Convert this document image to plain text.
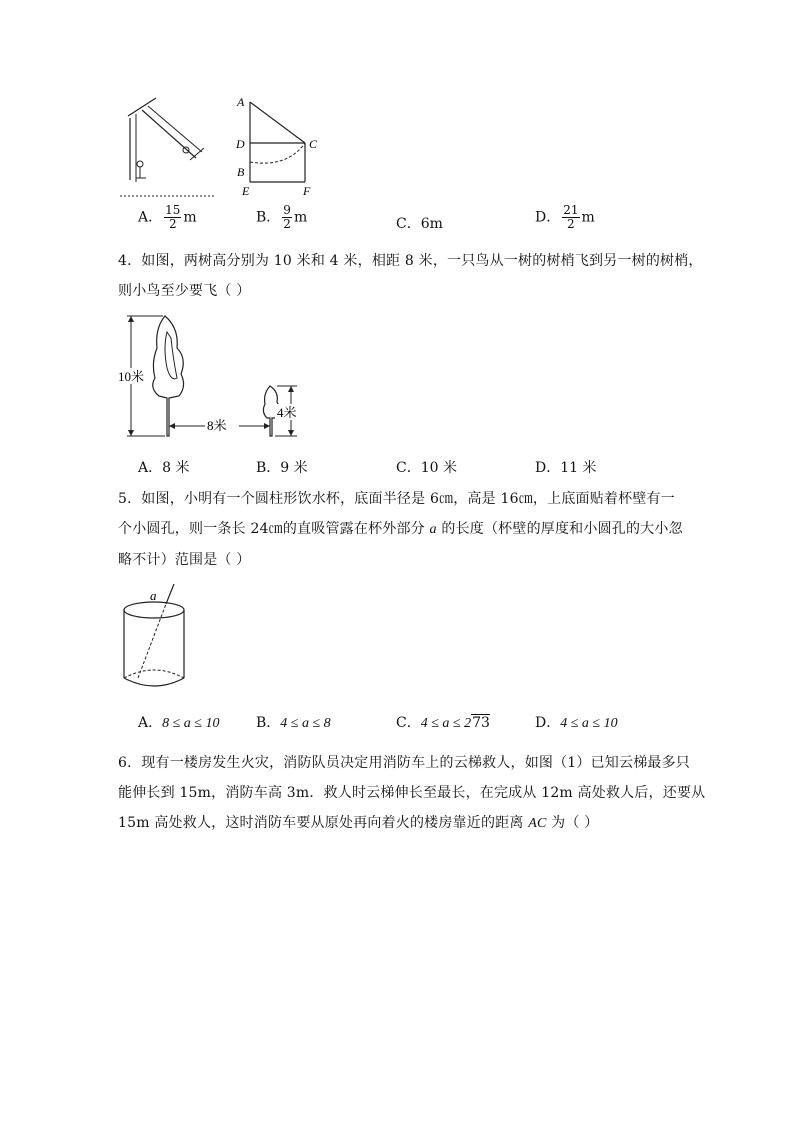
A
D	C
B
E	F
A． $\frac{15}{2}$ m	B． $\frac{9}{2}$ m	C．6m	D． $\frac{21}{2}$ m
4．如图，两树高分别为 10 米和 4 米，相距 8 米，一只鸟从一树的树梢飞到另一树的树梢，
则小鸟至少要飞（ ）
10米
8米
4米
A．8 米	B．9 米	C．10 米	D．11 米
5．如图，小明有一个圆柱形饮水杯，底面半径是 6㎝，高是 16㎝，上底面贴着杯壁有一
个小圆孔，则一条长 24㎝的直吸管露在杯外部分 a 的长度（杯壁的厚度和小圆孔的大小忽
略不计）范围是（ ）
a
A．8 ≤ a ≤ 10	B．4 ≤ a ≤ 8	C．4 ≤ a ≤ 273	D．4 ≤ a ≤ 10
6．现有一楼房发生火灾，消防队员决定用消防车上的云梯救人，如图（1）已知云梯最多只
能伸长到 15m，消防车高 3m．救人时云梯伸长至最长，在完成从 12m 高处救人后，还要从
15m 高处救人，这时消防车要从原处再向着火的楼房靠近的距离 AC 为（ ）
